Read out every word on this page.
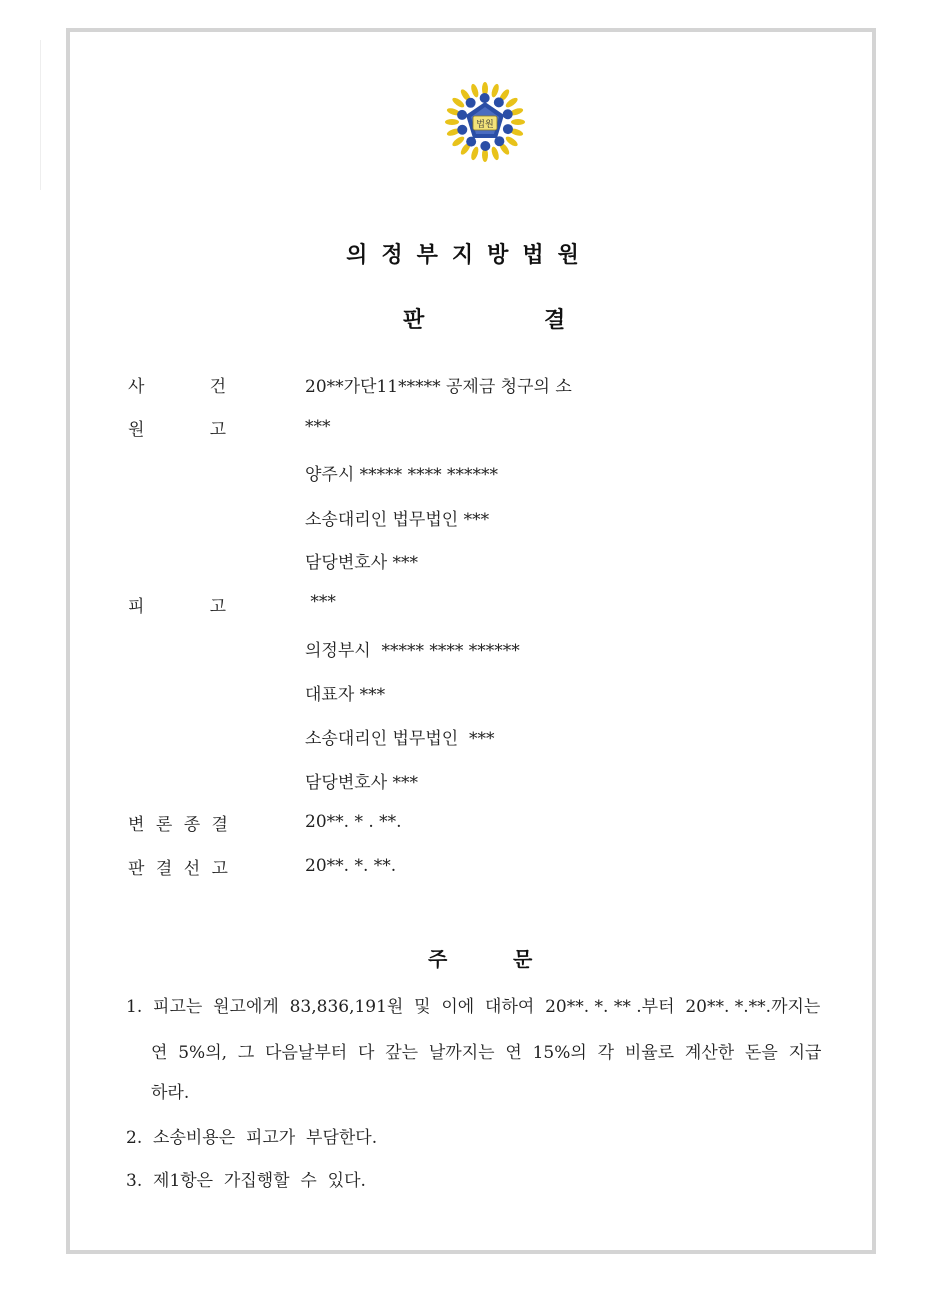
법원
의정부지방법원
판	결
사	건	20**가단11***** 공제금 청구의 소
원	고	***
양주시 ***** **** ******
소송대리인 법무법인 ***
담당변호사 ***
피	고	***
의정부시  ***** **** ******
대표자 ***
소송대리인 법무법인  ***
담당변호사 ***
변 론 종 결	20**. * . **.
판 결 선 고	20**. *. **.
주	문
1.  피고는  원고에게  83,836,191원  및  이에  대하여  20**. *. ** .부터  20**. *.**.까지는
연  5%의,  그  다음날부터  다  갚는  날까지는  연  15%의  각  비율로  계산한  돈을  지급
하라.
2.  소송비용은  피고가  부담한다.
3.  제1항은  가집행할  수  있다.
